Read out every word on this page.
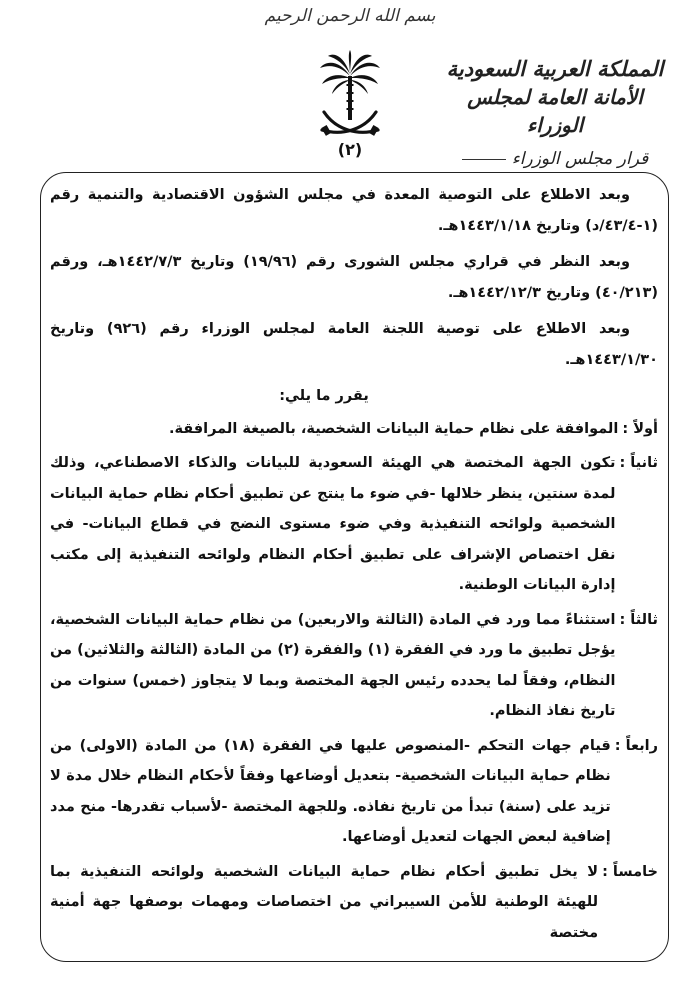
بسم الله الرحمن الرحيم
(٢)
المملكة العربية السعودية
الأمانة العامة لمجلس الوزراء
قرار مجلس الوزراء

وبعد الاطلاع على التوصية المعدة في مجلس الشؤون الاقتصادية والتنمية رقم (١-٤٣/٤/د) وتاريخ ١٤٤٣/١/١٨هـ.

وبعد النظر في قراري مجلس الشورى رقم (١٩/٩٦) وتاريخ ١٤٤٢/٧/٣هـ، ورقم (٤٠/٢١٣) وتاريخ ١٤٤٢/١٢/٣هـ.

وبعد الاطلاع على توصية اللجنة العامة لمجلس الوزراء رقم (٩٢٦) وتاريخ ١٤٤٣/١/٣٠هـ.

يقرر ما يلي:
أولاً :
الموافقة على نظام حماية البيانات الشخصية، بالصيغة المرافقة.
ثانياً :
تكون الجهة المختصة هي الهيئة السعودية للبيانات والذكاء الاصطناعي، وذلك لمدة سنتين، ينظر خلالها -في ضوء ما ينتج عن تطبيق أحكام نظام حماية البيانات الشخصية ولوائحه التنفيذية وفي ضوء مستوى النضج في قطاع البيانات- في نقل اختصاص الإشراف على تطبيق أحكام النظام ولوائحه التنفيذية إلى مكتب إدارة البيانات الوطنية.
ثالثاً :
استثناءً مما ورد في المادة (الثالثة والاربعين) من نظام حماية البيانات الشخصية، يؤجل تطبيق ما ورد في الفقرة (١) والفقرة (٢) من المادة (الثالثة والثلاثين) من النظام، وفقاً لما يحدده رئيس الجهة المختصة وبما لا يتجاوز (خمس) سنوات من تاريخ نفاذ النظام.
رابعاً :
قيام جهات التحكم -المنصوص عليها في الفقرة (١٨) من المادة (الاولى) من نظام حماية البيانات الشخصية- بتعديل أوضاعها وفقاً لأحكام النظام خلال مدة لا تزيد على (سنة) تبدأ من تاريخ نفاذه. وللجهة المختصة -لأسباب تقدرها- منح مدد إضافية لبعض الجهات لتعديل أوضاعها.
خامساً :
لا يخل تطبيق أحكام نظام حماية البيانات الشخصية ولوائحه التنفيذية بما للهيئة الوطنية للأمن السيبراني من اختصاصات ومهمات بوصفها جهة أمنية مختصة
